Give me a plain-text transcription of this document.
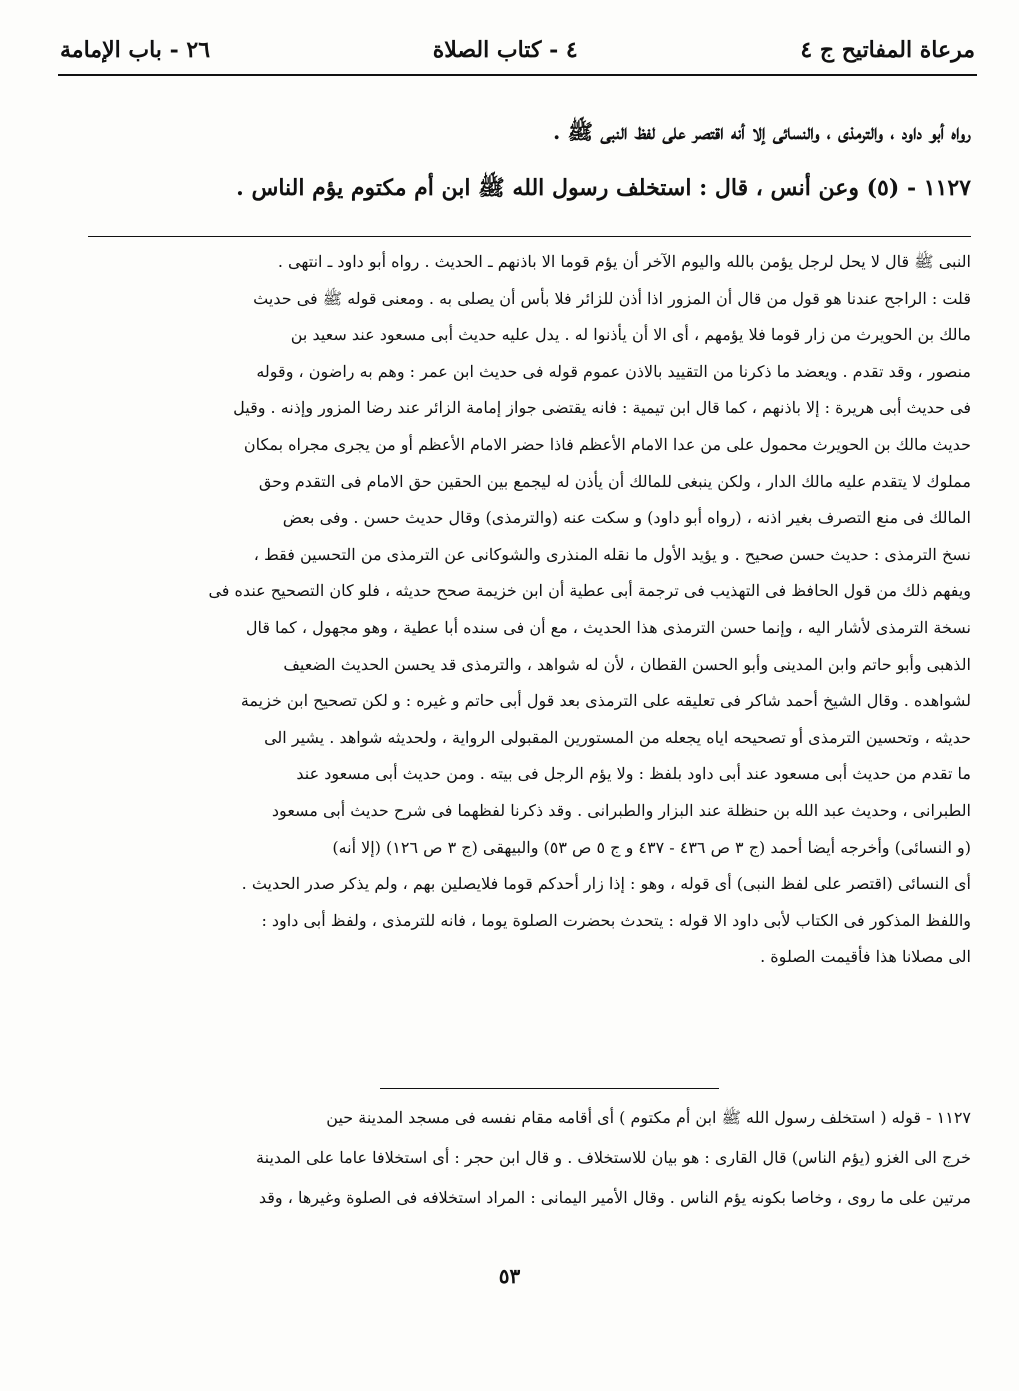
مرعاة المفاتيح ج ٤
٤ - كتاب الصلاة
٢٦ - باب الإمامة

رواه أبو داود ، والترمذى ، والنسائى إلا أنه اقتصر على لفظ النبى ﷺ .

١١٢٧ - (٥) وعن أنس ، قال : استخلف رسول الله ﷺ ابن أم مكتوم يؤم الناس .

النبى ﷺ قال لا يحل لرجل يؤمن بالله واليوم الآخر أن يؤم قوما الا باذنهم ـ الحديث . رواه أبو داود ـ انتهى .

قلت : الراجح عندنا هو قول من قال أن المزور اذا أذن للزائر فلا بأس أن يصلى به . ومعنى قوله ﷺ فى حديث

مالك بن الحويرث من زار قوما فلا يؤمهم ، أى الا أن يأذنوا له . يدل عليه حديث أبى مسعود عند سعيد بن

منصور ، وقد تقدم . ويعضد ما ذكرنا من التقييد بالاذن عموم قوله فى حديث ابن عمر : وهم به راضون ، وقوله

فى حديث أبى هريرة : إلا باذنهم ، كما قال ابن تيمية : فانه يقتضى جواز إمامة الزائر عند رضا المزور وإذنه . وقيل

حديث مالك بن الحويرث محمول على من عدا الامام الأعظم فاذا حضر الامام الأعظم أو من يجرى مجراه بمكان

مملوك لا يتقدم عليه مالك الدار ، ولكن ينبغى للمالك أن يأذن له ليجمع بين الحقين حق الامام فى التقدم وحق

المالك فى منع التصرف بغير اذنه ، (رواه أبو داود) و سكت عنه (والترمذى) وقال حديث حسن . وفى بعض

نسخ الترمذى : حديث حسن صحيح . و يؤيد الأول ما نقله المنذرى والشوكانى عن الترمذى من التحسين فقط ،

ويفهم ذلك من قول الحافظ فى التهذيب فى ترجمة أبى عطية أن ابن خزيمة صحح حديثه ، فلو كان التصحيح عنده فى

نسخة الترمذى لأشار اليه ، وإنما حسن الترمذى هذا الحديث ، مع أن فى سنده أبا عطية ، وهو مجهول ، كما قال

الذهبى وأبو حاتم وابن المدينى وأبو الحسن القطان ، لأن له شواهد ، والترمذى قد يحسن الحديث الضعيف

لشواهده . وقال الشيخ أحمد شاكر فى تعليقه على الترمذى بعد قول أبى حاتم و غيره : و لكن تصحيح ابن خزيمة

حديثه ، وتحسين الترمذى أو تصحيحه اياه يجعله من المستورين المقبولى الرواية ، ولحديثه شواهد . يشير الى

ما تقدم من حديث أبى مسعود عند أبى داود بلفظ : ولا يؤم الرجل فى بيته . ومن حديث أبى مسعود عند

الطبرانى ، وحديث عبد الله بن حنظلة عند البزار والطبرانى . وقد ذكرنا لفظهما فى شرح حديث أبى مسعود

(و النسائى) وأخرجه أيضا أحمد (ج ٣ ص ٤٣٦ - ٤٣٧ و ج ٥ ص ٥٣) والبيهقى (ج ٣ ص ١٢٦) (إلا أنه)

أى النسائى (اقتصر على لفظ النبى) أى قوله ، وهو : إذا زار أحدكم قوما فلايصلين بهم ، ولم يذكر صدر الحديث .

واللفظ المذكور فى الكتاب لأبى داود الا قوله : يتحدث بحضرت الصلوة يوما ، فانه للترمذى ، ولفظ أبى داود :

الى مصلانا هذا فأقيمت الصلوة .

١١٢٧ - قوله ( استخلف رسول الله ﷺ ابن أم مكتوم ) أى أقامه مقام نفسه فى مسجد المدينة حين

خرج الى الغزو (يؤم الناس) قال القارى : هو بيان للاستخلاف . و قال ابن حجر : أى استخلافا عاما على المدينة

مرتين على ما روى ، وخاصا بكونه يؤم الناس . وقال الأمير اليمانى : المراد استخلافه فى الصلوة وغيرها ، وقد

٥٣
